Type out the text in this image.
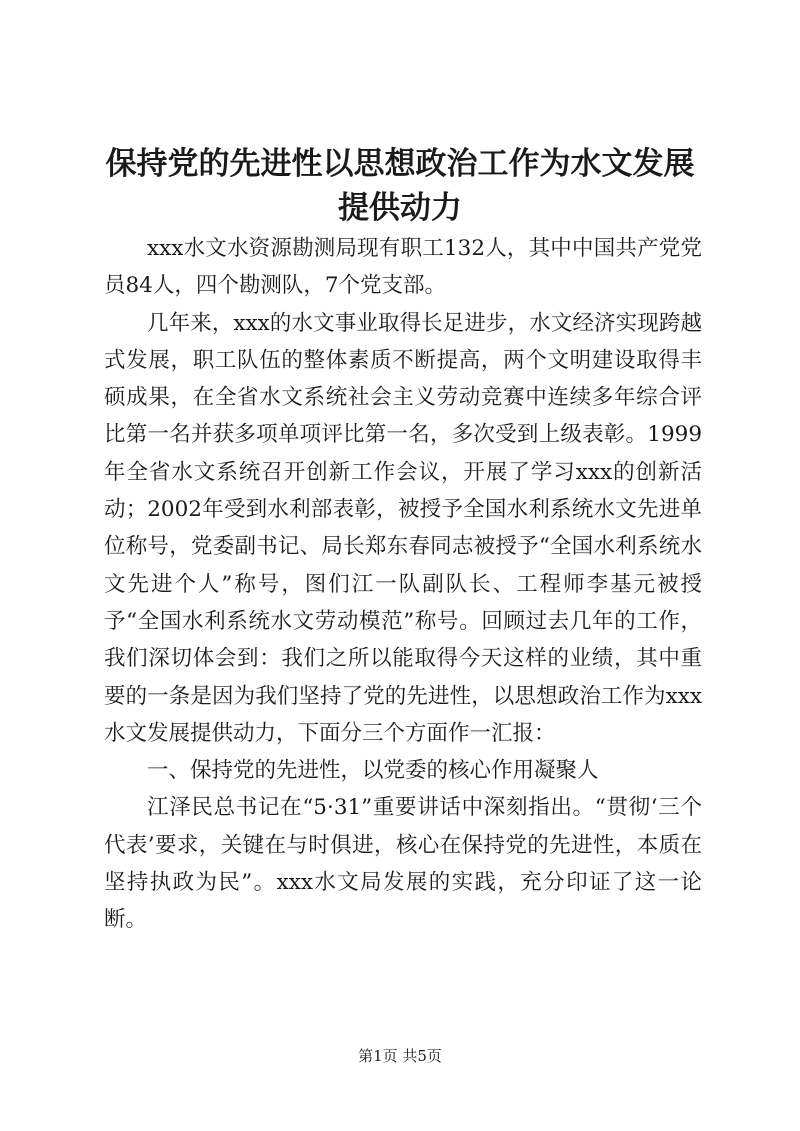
保持党的先进性以思想政治工作为水文发展提供动力

xxx水文水资源勘测局现有职工132人，其中中国共产党党员84人，四个勘测队，7个党支部。

几年来，xxx的水文事业取得长足进步，水文经济实现跨越式发展，职工队伍的整体素质不断提高，两个文明建设取得丰硕成果，在全省水文系统社会主义劳动竞赛中连续多年综合评比第一名并获多项单项评比第一名，多次受到上级表彰。1999年全省水文系统召开创新工作会议，开展了学习xxx的创新活动；2002年受到水利部表彰，被授予全国水利系统水文先进单位称号，党委副书记、局长郑东春同志被授予“全国水利系统水文先进个人”称号，图们江一队副队长、工程师李基元被授予“全国水利系统水文劳动模范”称号。回顾过去几年的工作，我们深切体会到：我们之所以能取得今天这样的业绩，其中重要的一条是因为我们坚持了党的先进性，以思想政治工作为xxx水文发展提供动力，下面分三个方面作一汇报：

一、保持党的先进性，以党委的核心作用凝聚人

江泽民总书记在“5·31”重要讲话中深刻指出。“贯彻‘三个代表’要求，关键在与时俱进，核心在保持党的先进性，本质在坚持执政为民”。xxx水文局发展的实践，充分印证了这一论断。

第1页 共5页
